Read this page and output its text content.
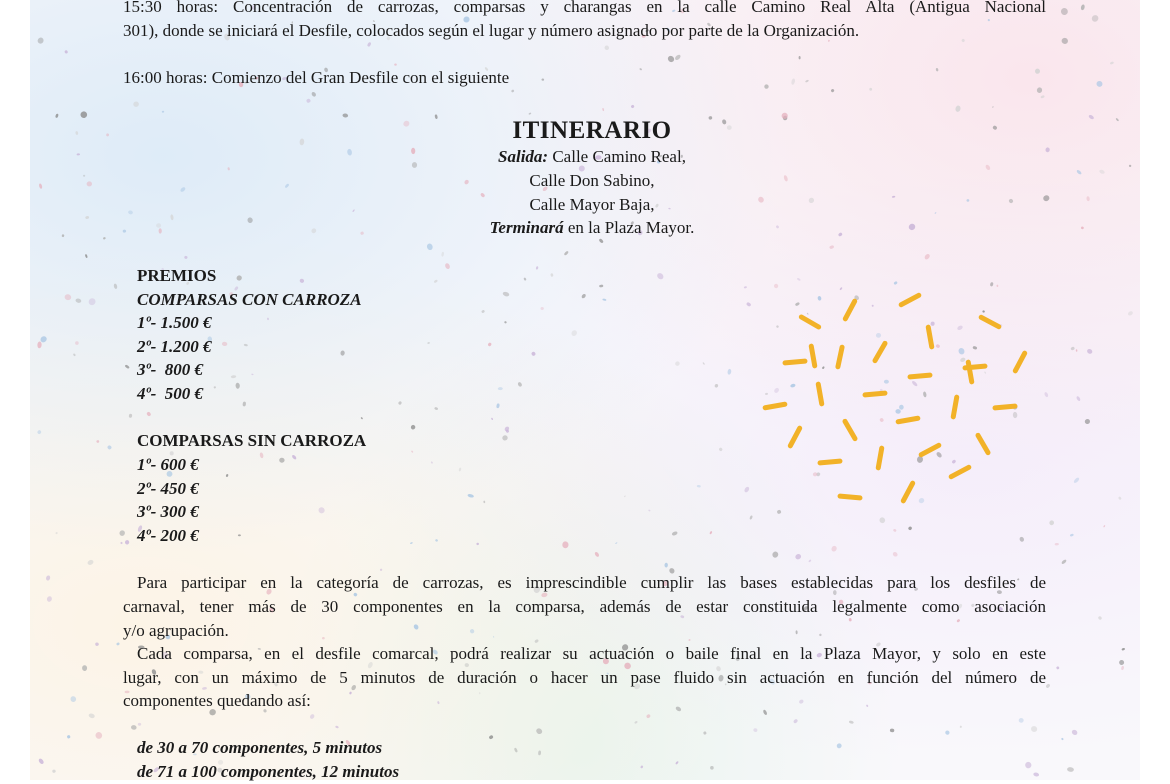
15:30 horas: Concentración de carrozas, comparsas y charangas en la calle Camino Real Alta (Antigua Nacional
301), donde se iniciará el Desfile, colocados según el lugar y número asignado por parte de la Organización.
16:00 horas: Comienzo del Gran Desfile con el siguiente
ITINERARIO
Salida: Calle Camino Real,
Calle Don Sabino,
Calle Mayor Baja,
Terminará en la Plaza Mayor.
PREMIOS
COMPARSAS CON CARROZA
1º- 1.500 €
2º- 1.200 €
3º-  800 €
4º-  500 €
COMPARSAS SIN CARROZA
1º- 600 €
2º- 450 €
3º- 300 €
4º- 200 €
Para participar en la categoría de carrozas, es imprescindible cumplir las bases establecidas para los desfiles de
carnaval, tener más de 30 componentes en la comparsa, además de estar constituida legalmente como asociación
y/o agrupación.
Cada comparsa, en el desfile comarcal, podrá realizar su actuación o baile final en la Plaza Mayor, y solo en este
lugar, con un máximo de 5 minutos de duración o hacer un pase fluido sin actuación en función del número de
componentes quedando así:
de 30 a 70 componentes, 5 minutos
de 71 a 100 componentes, 12 minutos
